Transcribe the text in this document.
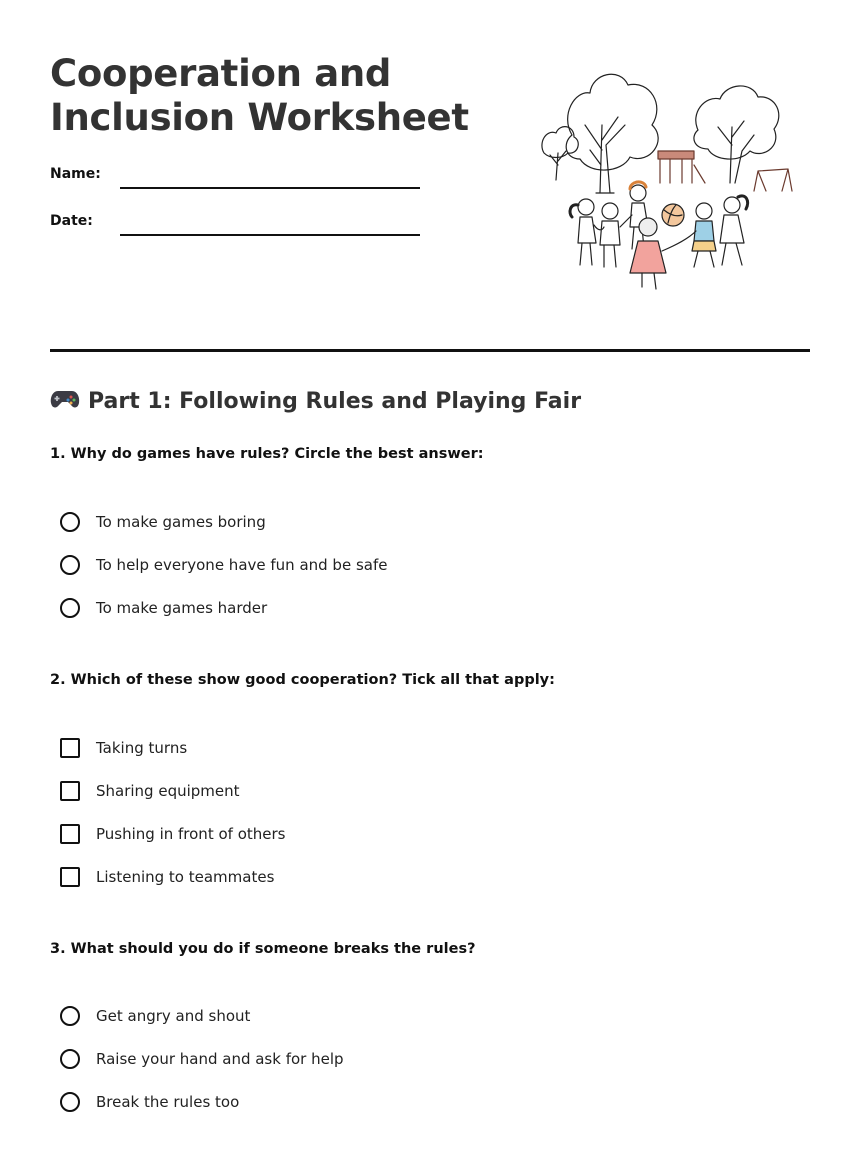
Cooperation and
Inclusion Worksheet
Name:
Date:
Part 1: Following Rules and Playing Fair
1. Why do games have rules? Circle the best answer:
To make games boring
To help everyone have fun and be safe
To make games harder
2. Which of these show good cooperation? Tick all that apply:
Taking turns
Sharing equipment
Pushing in front of others
Listening to teammates
3. What should you do if someone breaks the rules?
Get angry and shout
Raise your hand and ask for help
Break the rules too
